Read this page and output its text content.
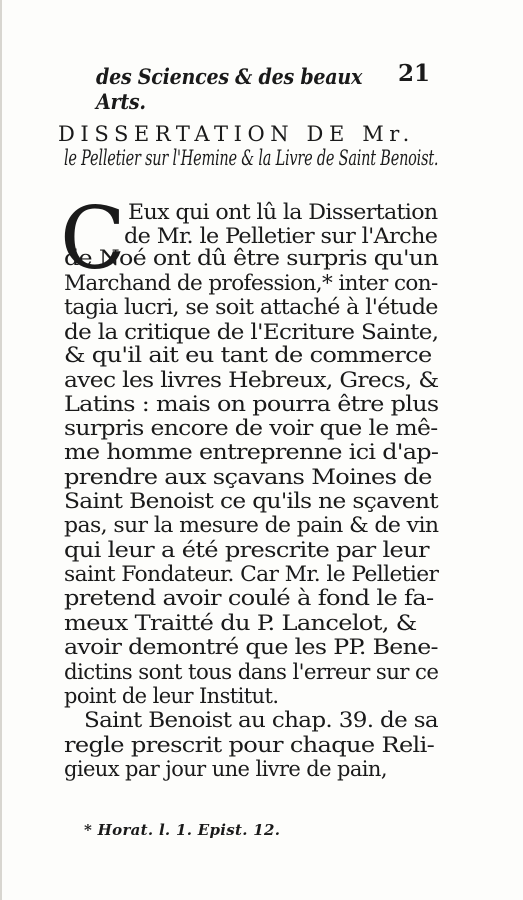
des Sciences & des beaux Arts.
21
DISSERTATION DE Mr.
le Pelletier sur l'Hemine & la Livre de Saint Benoist.
C Eux qui ont lû la Dissertation
de Mr. le Pelletier sur l'Arche
de Noé ont dû être surpris qu'un
Marchand de profession,* inter con-
tagia lucri, se soit attaché à l'étude
de la critique de l'Ecriture Sainte,
& qu'il ait eu tant de commerce
avec les livres Hebreux, Grecs, &
Latins : mais on pourra être plus
surpris encore de voir que le mê-
me homme entreprenne ici d'ap-
prendre aux sçavans Moines de
Saint Benoist ce qu'ils ne sçavent
pas, sur la mesure de pain & de vin
qui leur a été prescrite par leur
saint Fondateur. Car Mr. le Pelletier
pretend avoir coulé à fond le fa-
meux Traitté du P. Lancelot, &
avoir demontré que les PP. Bene-
dictins sont tous dans l'erreur sur ce
point de leur Institut.
Saint Benoist au chap. 39. de sa
regle prescrit pour chaque Reli-
gieux par jour une livre de pain,
* Horat. l. 1. Epist. 12.
